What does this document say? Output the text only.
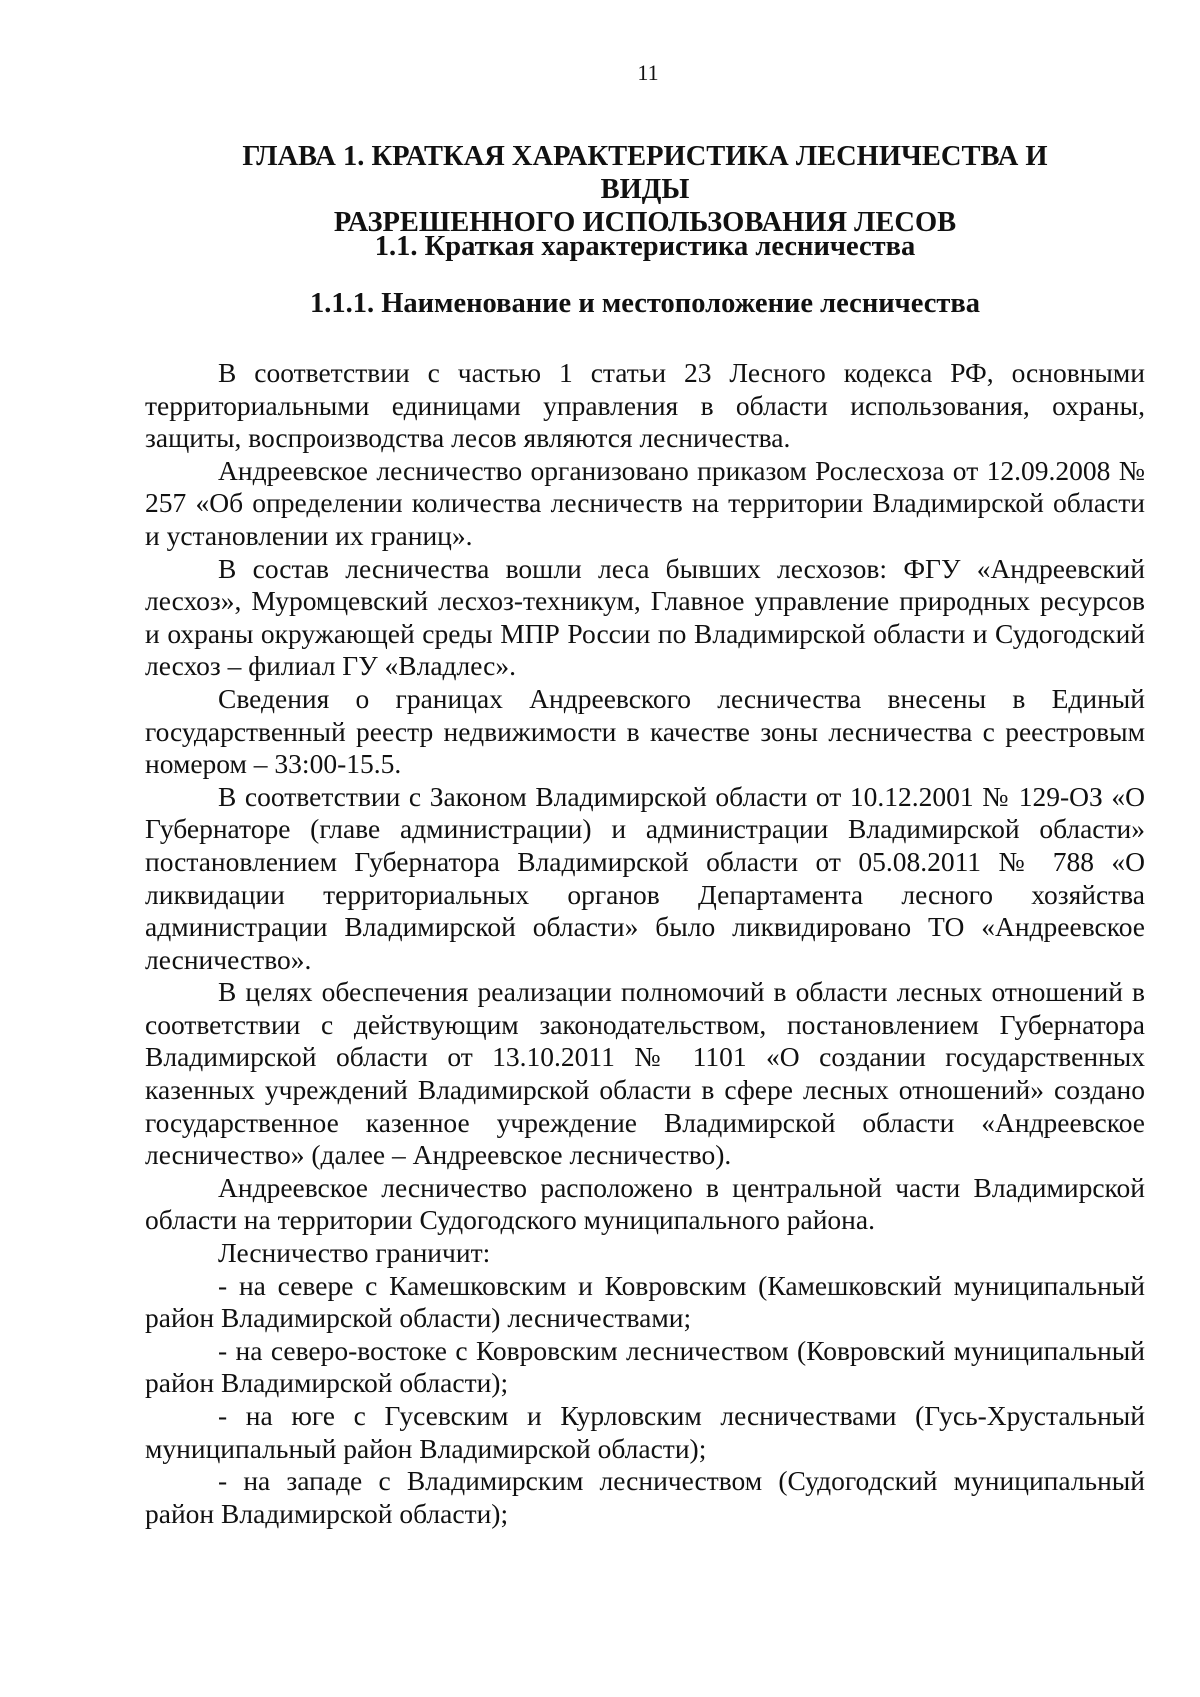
11
ГЛАВА 1. КРАТКАЯ ХАРАКТЕРИСТИКА ЛЕСНИЧЕСТВА И ВИДЫ
РАЗРЕШЕННОГО ИСПОЛЬЗОВАНИЯ ЛЕСОВ
1.1. Краткая характеристика лесничества
1.1.1. Наименование и местоположение лесничества

В соответствии с частью 1 статьи 23 Лесного кодекса РФ, основными территориальными единицами управления в области использования, охраны, защиты, воспроизводства лесов являются лесничества.

Андреевское лесничество организовано приказом Рослесхоза от 12.09.2008 № 257 «Об определении количества лесничеств на территории Владимирской области и установлении их границ».

В состав лесничества вошли леса бывших лесхозов: ФГУ «Андреевский лесхоз», Муромцевский лесхоз-техникум, Главное управление природных ресурсов и охраны окружающей среды МПР России по Владимирской области и Судогодский лесхоз – филиал ГУ «Владлес».

Сведения о границах Андреевского лесничества внесены в Единый государственный реестр недвижимости в качестве зоны лесничества с реестровым номером – 33:00-15.5.

В соответствии с Законом Владимирской области от 10.12.2001 № 129-ОЗ «О Губернаторе (главе администрации) и администрации Владимирской области» постановлением Губернатора Владимирской области от 05.08.2011 № 788 «О ликвидации территориальных органов Департамента лесного хозяйства администрации Владимирской области» было ликвидировано ТО «Андреевское лесничество».

В целях обеспечения реализации полномочий в области лесных отношений в соответствии с действующим законодательством, постановлением Губернатора Владимирской области от 13.10.2011 № 1101 «О создании государственных казенных учреждений Владимирской области в сфере лесных отношений» создано государственное казенное учреждение Владимирской области «Андреевское лесничество» (далее – Андреевское лесничество).

Андреевское лесничество расположено в центральной части Владимирской области на территории Судогодского муниципального района.

Лесничество граничит:

- на севере с Камешковским и Ковровским (Камешковский муниципальный район Владимирской области) лесничествами;

- на северо-востоке с Ковровским лесничеством (Ковровский муниципальный район Владимирской области);

- на юге с Гусевским и Курловским лесничествами (Гусь-Хрустальный муниципальный район Владимирской области);

- на западе с Владимирским лесничеством (Судогодский муниципальный район Владимирской области);
